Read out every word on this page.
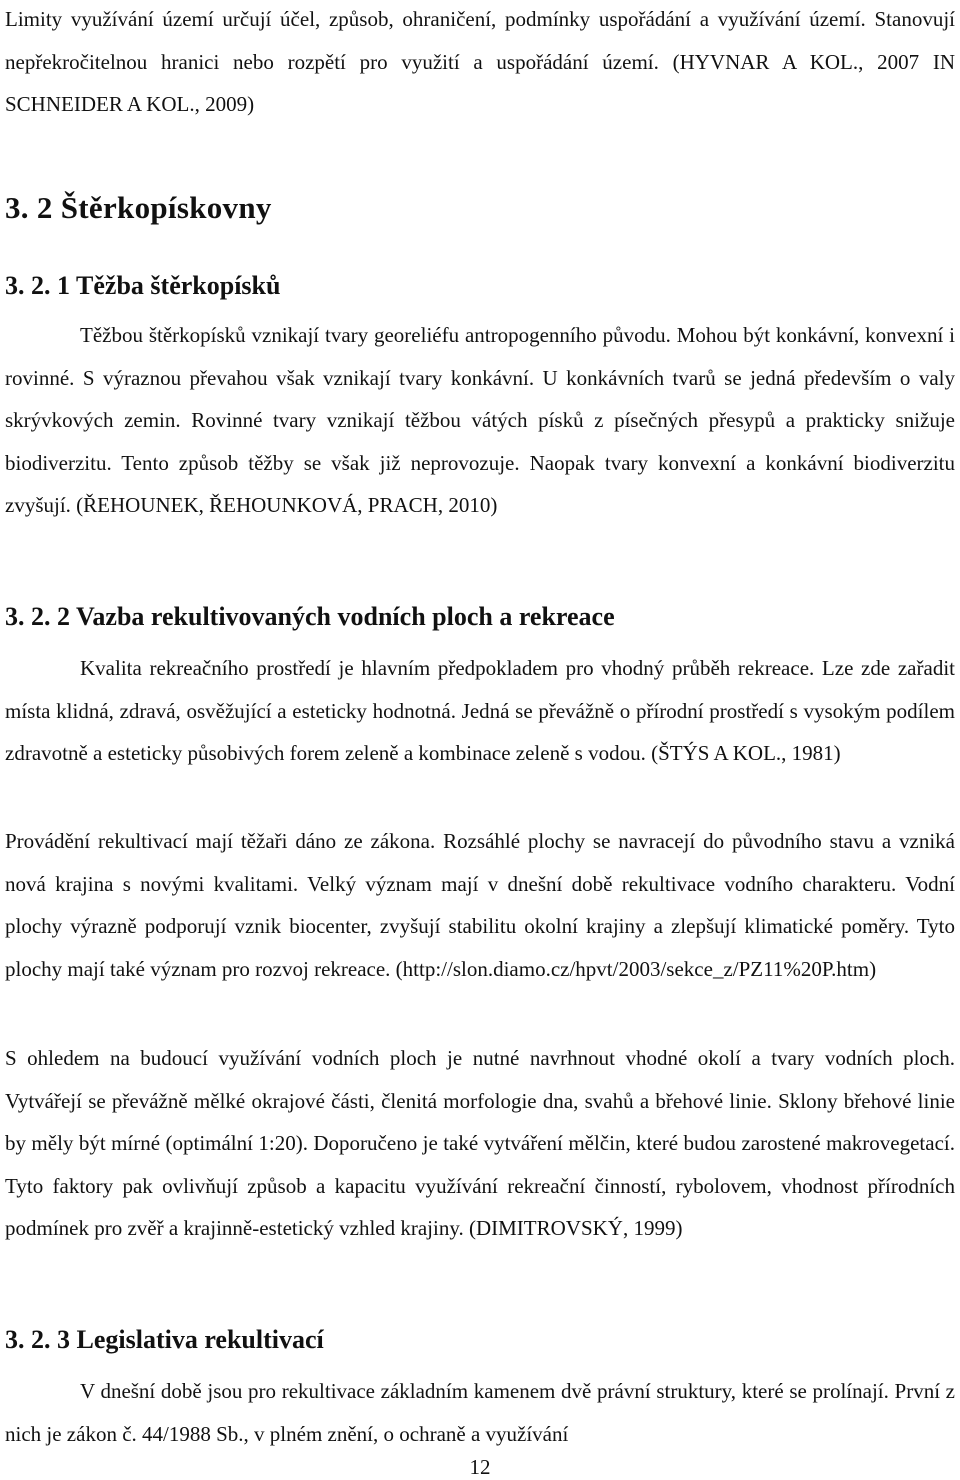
Limity využívání území určují účel, způsob, ohraničení, podmínky uspořádání a využívání území. Stanovují nepřekročitelnou hranici nebo rozpětí pro využití a uspořádání území. (HYVNAR A KOL., 2007 IN SCHNEIDER A KOL., 2009)

3. 2 Štěrkopískovny
3. 2. 1 Těžba štěrkopísků

Těžbou štěrkopísků vznikají tvary georeliéfu antropogenního původu. Mohou být konkávní, konvexní i rovinné. S výraznou převahou však vznikají tvary konkávní. U konkávních tvarů se jedná především o valy skrývkových zemin. Rovinné tvary vznikají těžbou vátých písků z písečných přesypů a prakticky snižuje biodiverzitu. Tento způsob těžby se však již neprovozuje. Naopak tvary konvexní a konkávní biodiverzitu zvyšují. (ŘEHOUNEK, ŘEHOUNKOVÁ, PRACH, 2010)

3. 2. 2 Vazba rekultivovaných vodních ploch a rekreace

Kvalita rekreačního prostředí je hlavním předpokladem pro vhodný průběh rekreace. Lze zde zařadit místa klidná, zdravá, osvěžující a esteticky hodnotná. Jedná se převážně o přírodní prostředí s vysokým podílem zdravotně a esteticky působivých forem zeleně a kombinace zeleně s vodou. (ŠTÝS A KOL., 1981)

Provádění rekultivací mají těžaři dáno ze zákona. Rozsáhlé plochy se navracejí do původního stavu a vzniká nová krajina s novými kvalitami. Velký význam mají v dnešní době rekultivace vodního charakteru. Vodní plochy výrazně podporují vznik biocenter, zvyšují stabilitu okolní krajiny a zlepšují klimatické poměry. Tyto plochy mají také význam pro rozvoj rekreace. (http://slon.diamo.cz/hpvt/2003/sekce_z/PZ11%20P.htm)

S ohledem na budoucí využívání vodních ploch je nutné navrhnout vhodné okolí a tvary vodních ploch. Vytvářejí se převážně mělké okrajové části, členitá morfologie dna, svahů a břehové linie. Sklony břehové linie by měly být mírné (optimální 1:20). Doporučeno je také vytváření mělčin, které budou zarostené makrovegetací. Tyto faktory pak ovlivňují způsob a kapacitu využívání rekreační činností, rybolovem, vhodnost přírodních podmínek pro zvěř a krajinně-estetický vzhled krajiny. (DIMITROVSKÝ, 1999)

3. 2. 3 Legislativa rekultivací

V dnešní době jsou pro rekultivace základním kamenem dvě právní struktury, které se prolínají. První z nich je zákon č. 44/1988 Sb., v plném znění, o ochraně a využívání

12
